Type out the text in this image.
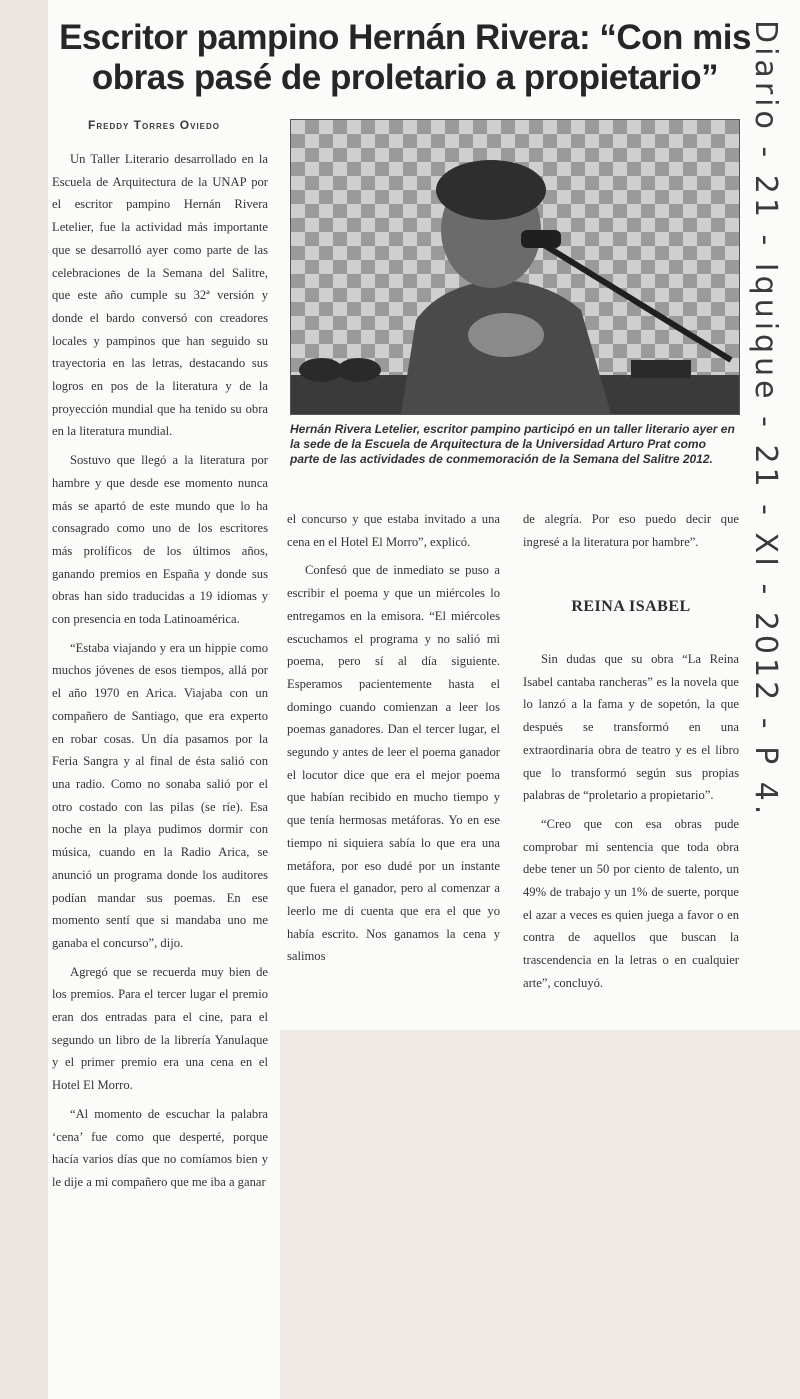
Escritor pampino Hernán Rivera: “Con mis obras pasé de proletario a propietario”
Freddy Torres Oviedo

Un Taller Literario desarrollado en la Escuela de Arquitectura de la UNAP por el escritor pampino Hernán Rivera Letelier, fue la actividad más importante que se desarrolló ayer como parte de las celebraciones de la Semana del Salitre, que este año cumple su 32ª versión y donde el bardo conversó con creadores locales y pampinos que han seguido su trayectoria en las letras, destacando sus logros en pos de la literatura y de la proyección mundial que ha tenido su obra en la literatura mundial.

Sostuvo que llegó a la literatura por hambre y que desde ese momento nunca más se apartó de este mundo que lo ha consagrado como uno de los escritores más prolíficos de los últimos años, ganando premios en España y donde sus obras han sido traducidas a 19 idiomas y con presencia en toda Latinoamérica.

“Estaba viajando y era un hippie como muchos jóvenes de esos tiempos, allá por el año 1970 en Arica. Viajaba con un compañero de Santiago, que era experto en robar cosas. Un día pasamos por la Feria Sangra y al final de ésta salió con una radio. Como no sonaba salió por el otro costado con las pilas (se ríe). Esa noche en la playa pudimos dormir con música, cuando en la Radio Arica, se anunció un programa donde los auditores podían mandar sus poemas. En ese momento sentí que si mandaba uno me ganaba el concurso”, dijo.

Agregó que se recuerda muy bien de los premios. Para el tercer lugar el premio eran dos entradas para el cine, para el segundo un libro de la librería Yanulaque y el primer premio era una cena en el Hotel El Morro.

“Al momento de escuchar la palabra ‘cena’ fue como que desperté, porque hacía varios días que no comíamos bien y le dije a mi compañero que me iba a ganar

Hernán Rivera Letelier, escritor pampino participó en un taller literario ayer en la sede de la Escuela de Arquitectura de la Universidad Arturo Prat como parte de las actividades de conmemoración de la Semana del Salitre 2012.

el concurso y que estaba invitado a una cena en el Hotel El Morro”, explicó.

Confesó que de inmediato se puso a escribir el poema y que un miércoles lo entregamos en la emisora. “El miércoles escuchamos el programa y no salió mi poema, pero sí al día siguiente. Esperamos pacientemente hasta el domingo cuando comienzan a leer los poemas ganadores. Dan el tercer lugar, el segundo y antes de leer el poema ganador el locutor dice que era el mejor poema que habían recibido en mucho tiempo y que tenía hermosas metáforas. Yo en ese tiempo ni siquiera sabía lo que era una metáfora, por eso dudé por un instante que fuera el ganador, pero al comenzar a leerlo me di cuenta que era el que yo había escrito. Nos ganamos la cena y salimos

de alegría. Por eso puedo decir que ingresé a la literatura por hambre”.

REINA ISABEL

Sin dudas que su obra “La Reina Isabel cantaba rancheras” es la novela que lo lanzó a la fama y de sopetón, la que después se transformó en una extraordinaria obra de teatro y es el libro que lo transformó según sus propias palabras de “proletario a propietario”.

“Creo que con esa obras pude comprobar mi sentencia que toda obra debe tener un 50 por ciento de talento, un 49% de trabajo y un 1% de suerte, porque el azar a veces es quien juega a favor o en contra de aquellos que buscan la trascendencia en la letras o en cualquier arte”, concluyó.

Diario - 21 - Iquique - 21 - XI - 2012 - P 4.
